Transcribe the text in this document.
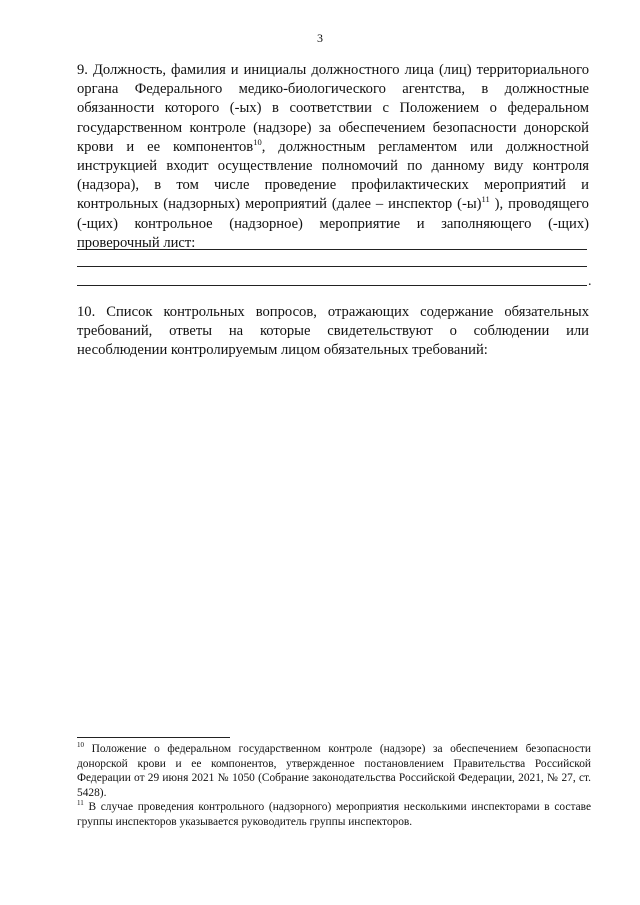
3

9. Должность, фамилия и инициалы должностного лица (лиц) территориального органа Федерального медико-биологического агентства, в должностные обязанности которого (-ых) в соответствии с Положением о федеральном государственном контроле (надзоре) за обеспечением безопасности донорской крови и ее компонентов$^{10}$, должностным регламентом или должностной инструкцией входит осуществление полномочий по данному виду контроля (надзора), в том числе проведение профилактических мероприятий и контрольных (надзорных) мероприятий (далее – инспектор $(-ы)^{11}$ ), проводящего (-щих) контрольное (надзорное) мероприятие и заполняющего (-щих) проверочный лист:

.

10. Список контрольных вопросов, отражающих содержание обязательных требований, ответы на которые свидетельствуют о соблюдении или несоблюдении контролируемым лицом обязательных требований:

$^{10}$ Положение о федеральном государственном контроле (надзоре) за обеспечением безопасности донорской крови и ее компонентов, утвержденное постановлением Правительства Российской Федерации от 29 июня 2021 № 1050 (Собрание законодательства Российской Федерации, 2021, № 27, ст. 5428).

$^{11}$ В случае проведения контрольного (надзорного) мероприятия несколькими инспекторами в составе группы инспекторов указывается руководитель группы инспекторов.
